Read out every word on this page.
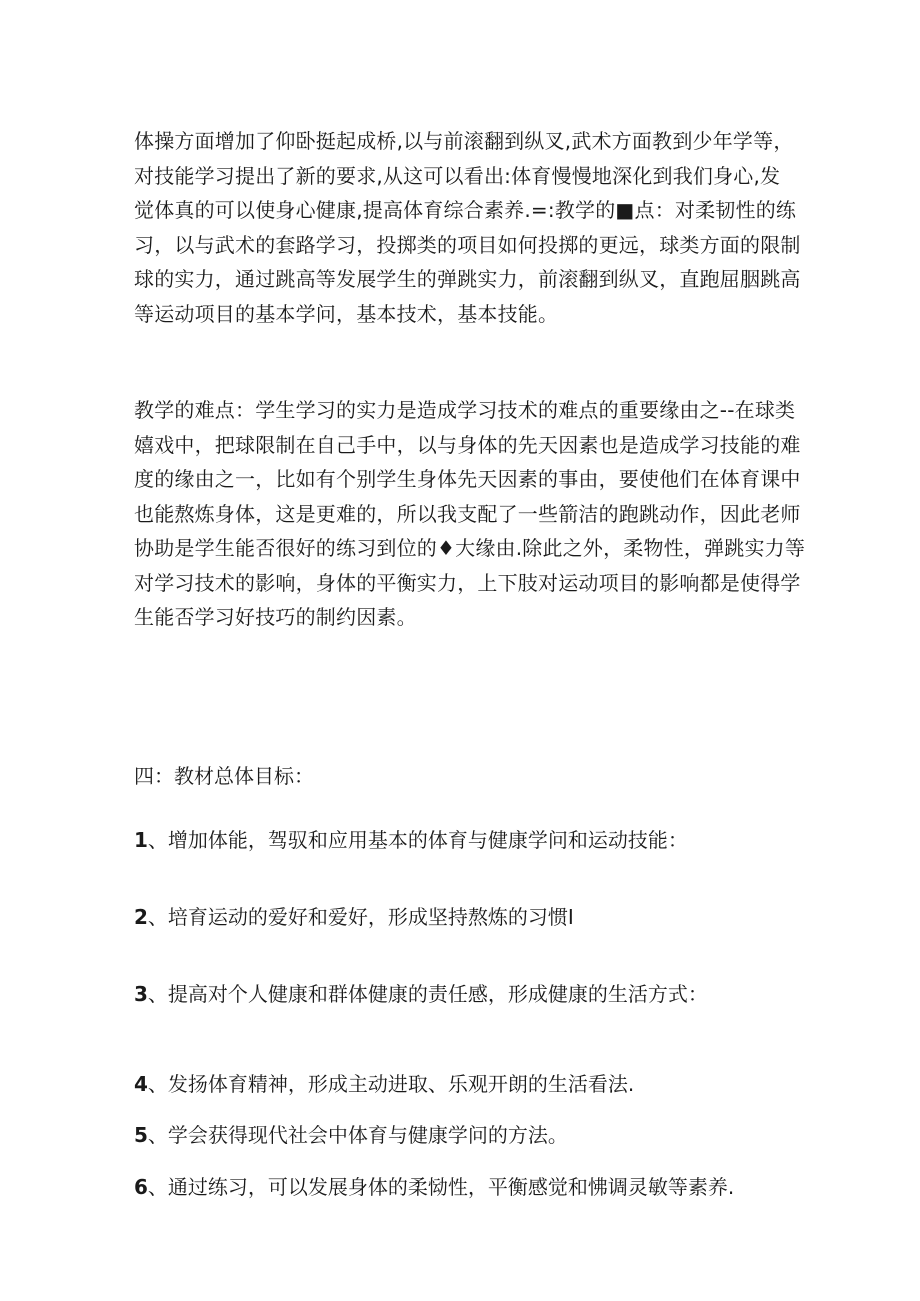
体操方面增加了仰卧挺起成桥,以与前滚翻到纵叉,武术方面教到少年学等，
对技能学习提出了新的要求,从这可以看出:体育慢慢地深化到我们身心,发
觉体真的可以使身心健康,提高体育综合素养.=:教学的■点：对柔韧性的练
习，以与武术的套路学习，投掷类的项目如何投掷的更远，球类方面的限制
球的实力，通过跳高等发展学生的弹跳实力，前滚翻到纵叉，直跑屈胭跳高
等运动项目的基本学问，基本技术，基本技能。

教学的难点：学生学习的实力是造成学习技术的难点的重要缘由之--在球类
嬉戏中，把球限制在自己手中，以与身体的先天因素也是造成学习技能的难
度的缘由之一，比如有个别学生身体先天因素的事由，要使他们在体育课中
也能熬炼身体，这是更难的，所以我支配了一些箭洁的跑跳动作，因此老师
协助是学生能否很好的练习到位的♦大缘由.除此之外，柔物性，弹跳实力等
对学习技术的影响，身体的平衡实力，上下肢对运动项目的影响都是使得学
生能否学习好技巧的制约因素。

四：教材总体目标：

1、增加体能，驾驭和应用基本的体育与健康学问和运动技能：

2、培育运动的爱好和爱好，形成坚持熬炼的习惯I

3、提高对个人健康和群体健康的责任感，形成健康的生活方式：

4、发扬体育精神，形成主动进取、乐观开朗的生活看法.

5、学会获得现代社会中体育与健康学问的方法。

6、通过练习，可以发展身体的柔恸性，平衡感觉和怫调灵敏等素养.
